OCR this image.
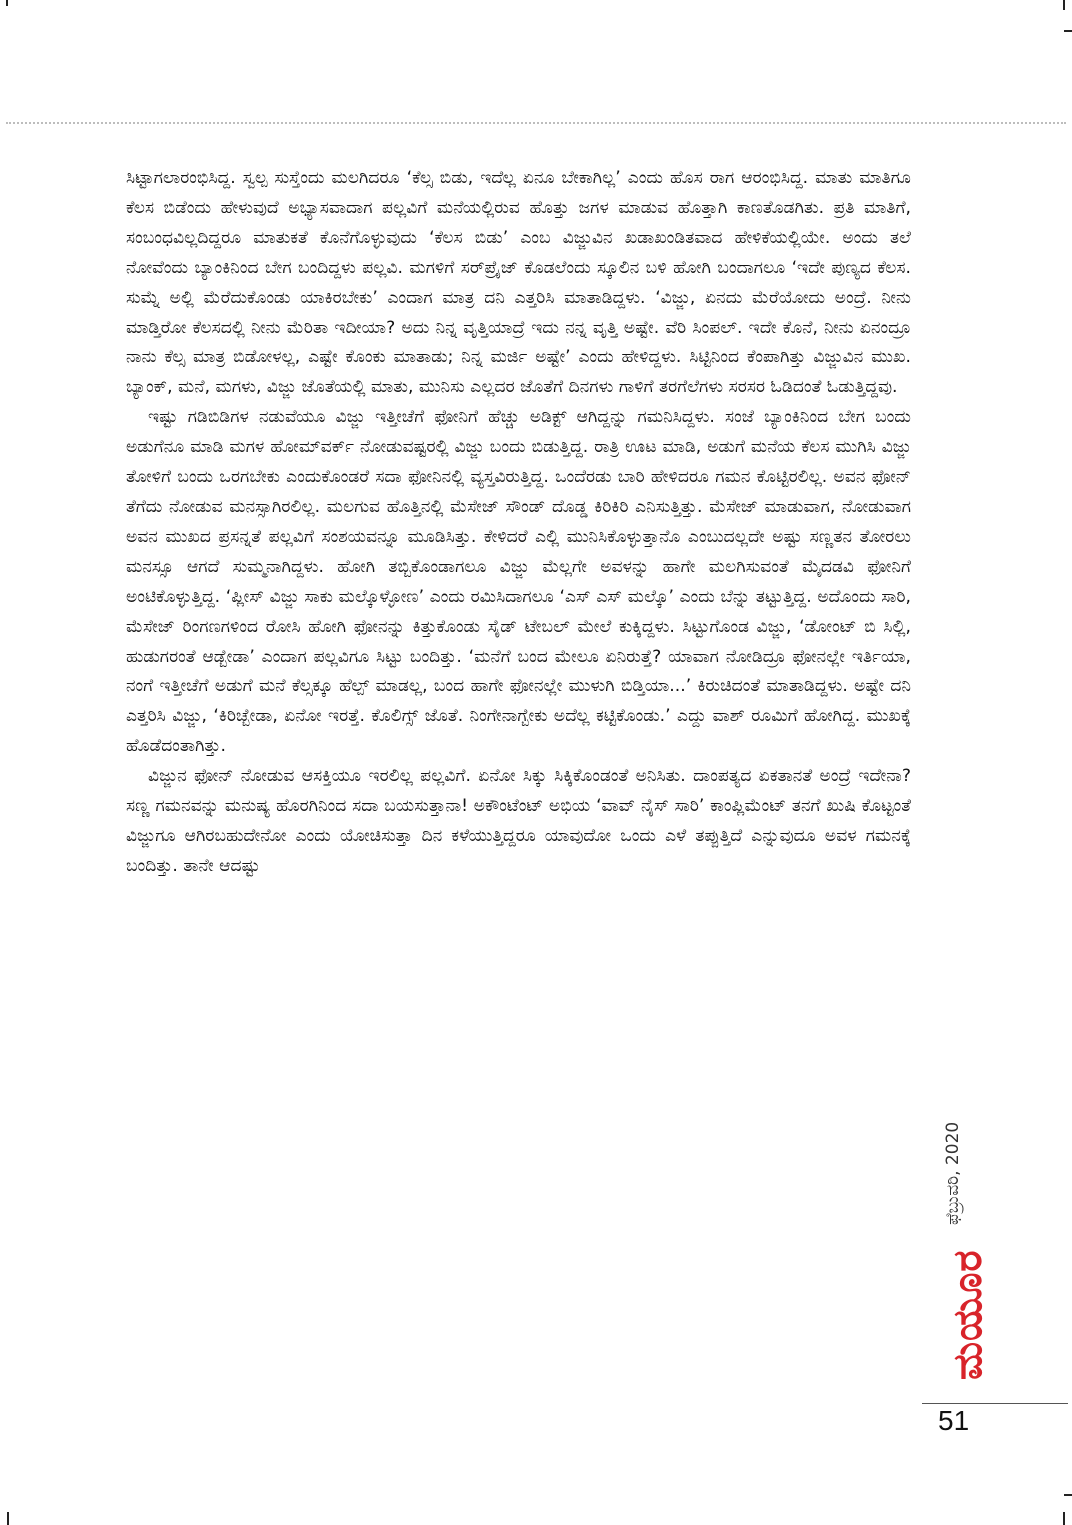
ಸಿಟ್ಟಾಗಲಾರಂಭಿಸಿದ್ದ. ಸ್ವಲ್ಪ ಸುಸ್ತೆಂದು ಮಲಗಿದರೂ ‘ಕೆಲ್ಸ ಬಿಡು, ಇದೆಲ್ಲ ಏನೂ ಬೇಕಾಗಿಲ್ಲ’ ಎಂದು ಹೊಸ ರಾಗ ಆರಂಭಿಸಿದ್ದ. ಮಾತು ಮಾತಿಗೂ ಕೆಲಸ ಬಿಡೆಂದು ಹೇಳುವುದೆ ಅಭ್ಯಾಸವಾದಾಗ ಪಲ್ಲವಿಗೆ ಮನೆಯಲ್ಲಿರುವ ಹೊತ್ತು ಜಗಳ ಮಾಡುವ ಹೊತ್ತಾಗಿ ಕಾಣತೊಡಗಿತು. ಪ್ರತಿ ಮಾತಿಗೆ, ಸಂಬಂಧವಿಲ್ಲದಿದ್ದರೂ ಮಾತುಕತೆ ಕೊನೆಗೊಳ್ಳುವುದು ‘ಕೆಲಸ ಬಿಡು’ ಎಂಬ ವಿಜ್ಜುವಿನ ಖಡಾಖಂಡಿತವಾದ ಹೇಳಿಕೆಯಲ್ಲಿಯೇ. ಅಂದು ತಲೆ ನೋವೆಂದು ಬ್ಯಾಂಕಿನಿಂದ ಬೇಗ ಬಂದಿದ್ದಳು ಪಲ್ಲವಿ. ಮಗಳಿಗೆ ಸರ್‌ಪ್ರೈಜ್ ಕೊಡಲೆಂದು ಸ್ಕೂಲಿನ ಬಳಿ ಹೋಗಿ ಬಂದಾಗಲೂ ‘ಇದೇ ಪುಣ್ಯದ ಕೆಲಸ. ಸುಮ್ನೆ ಅಲ್ಲಿ ಮೆರೆದುಕೊಂಡು ಯಾಕಿರಬೇಕು’ ಎಂದಾಗ ಮಾತ್ರ ದನಿ ಎತ್ತರಿಸಿ ಮಾತಾಡಿದ್ದಳು. ‘ವಿಜ್ಜು, ಏನದು ಮೆರೆಯೋದು ಅಂದ್ರೆ. ನೀನು ಮಾಡ್ತಿರೋ ಕೆಲಸದಲ್ಲಿ ನೀನು ಮೆರಿತಾ ಇದೀಯಾ? ಅದು ನಿನ್ನ ವೃತ್ತಿಯಾದ್ರೆ ಇದು ನನ್ನ ವೃತ್ತಿ ಅಷ್ಟೇ. ವೆರಿ ಸಿಂಪಲ್. ಇದೇ ಕೊನೆ, ನೀನು ಏನಂದ್ರೂ ನಾನು ಕೆಲ್ಸ ಮಾತ್ರ ಬಿಡೋಳಲ್ಲ, ಎಷ್ಟೇ ಕೊಂಕು ಮಾತಾಡು; ನಿನ್ನ ಮರ್ಜಿ ಅಷ್ಟೇ’ ಎಂದು ಹೇಳಿದ್ದಳು. ಸಿಟ್ಟಿನಿಂದ ಕೆಂಪಾಗಿತ್ತು ವಿಜ್ಜುವಿನ ಮುಖ. ಬ್ಯಾಂಕ್, ಮನೆ, ಮಗಳು, ವಿಜ್ಜು ಜೊತೆಯಲ್ಲಿ ಮಾತು, ಮುನಿಸು ಎಲ್ಲದರ ಜೊತೆಗೆ ದಿನಗಳು ಗಾಳಿಗೆ ತರಗೆಲೆಗಳು ಸರಸರ ಓಡಿದಂತೆ ಓಡುತ್ತಿದ್ದವು.

ಇಷ್ಟು ಗಡಿಬಿಡಿಗಳ ನಡುವೆಯೂ ವಿಜ್ಜು ಇತ್ತೀಚೆಗೆ ಫೋನಿಗೆ ಹೆಚ್ಚು ಅಡಿಕ್ಟ್ ಆಗಿದ್ದನ್ನು ಗಮನಿಸಿದ್ದಳು. ಸಂಜೆ ಬ್ಯಾಂಕಿನಿಂದ ಬೇಗ ಬಂದು ಅಡುಗೆನೂ ಮಾಡಿ ಮಗಳ ಹೋಮ್‌ವರ್ಕ್ ನೋಡುವಷ್ಟರಲ್ಲಿ ವಿಜ್ಜು ಬಂದು ಬಿಡುತ್ತಿದ್ದ. ರಾತ್ರಿ ಊಟ ಮಾಡಿ, ಅಡುಗೆ ಮನೆಯ ಕೆಲಸ ಮುಗಿಸಿ ವಿಜ್ಜು ತೋಳಿಗೆ ಬಂದು ಒರಗಬೇಕು ಎಂದುಕೊಂಡರೆ ಸದಾ ಫೋನಿನಲ್ಲಿ ವ್ಯಸ್ತವಿರುತ್ತಿದ್ದ. ಒಂದೆರಡು ಬಾರಿ ಹೇಳಿದರೂ ಗಮನ ಕೊಟ್ಟಿರಲಿಲ್ಲ. ಅವನ ಫೋನ್ ತೆಗೆದು ನೋಡುವ ಮನಸ್ಸಾಗಿರಲಿಲ್ಲ. ಮಲಗುವ ಹೊತ್ತಿನಲ್ಲಿ ಮೆಸೇಜ್ ಸೌಂಡ್ ದೊಡ್ಡ ಕಿರಿಕಿರಿ ಎನಿಸುತ್ತಿತ್ತು. ಮೆಸೇಜ್ ಮಾಡುವಾಗ, ನೋಡುವಾಗ ಅವನ ಮುಖದ ಪ್ರಸನ್ನತೆ ಪಲ್ಲವಿಗೆ ಸಂಶಯವನ್ನೂ ಮೂಡಿಸಿತ್ತು. ಕೇಳಿದರೆ ಎಲ್ಲಿ ಮುನಿಸಿಕೊಳ್ಳುತ್ತಾನೊ ಎಂಬುದಲ್ಲದೇ ಅಷ್ಟು ಸಣ್ಣತನ ತೋರಲು ಮನಸ್ಸೂ ಆಗದೆ ಸುಮ್ಮನಾಗಿದ್ದಳು. ಹೋಗಿ ತಬ್ಬಿಕೊಂಡಾಗಲೂ ವಿಜ್ಜು ಮೆಲ್ಲಗೇ ಅವಳನ್ನು ಹಾಗೇ ಮಲಗಿಸುವಂತೆ ಮೈದಡವಿ ಫೋನಿಗೆ ಅಂಟಿಕೊಳ್ಳುತ್ತಿದ್ದ. ‘ಪ್ಲೀಸ್ ವಿಜ್ಜು ಸಾಕು ಮಲ್ಕೊಳ್ಳೋಣ’ ಎಂದು ರಮಿಸಿದಾಗಲೂ ‘ಎಸ್ ಎಸ್ ಮಲ್ಕೊ’ ಎಂದು ಬೆನ್ನು ತಟ್ಟುತ್ತಿದ್ದ. ಅದೊಂದು ಸಾರಿ, ಮೆಸೇಜ್ ರಿಂಗಣಗಳಿಂದ ರೋಸಿ ಹೋಗಿ ಫೋನನ್ನು ಕಿತ್ತುಕೊಂಡು ಸೈಡ್ ಟೇಬಲ್ ಮೇಲೆ ಕುಕ್ಕಿದ್ದಳು. ಸಿಟ್ಟುಗೊಂಡ ವಿಜ್ಜು, ‘ಡೋಂಟ್ ಬಿ ಸಿಲ್ಲಿ, ಹುಡುಗರಂತೆ ಆಡ್ಬೇಡಾ’ ಎಂದಾಗ ಪಲ್ಲವಿಗೂ ಸಿಟ್ಟು ಬಂದಿತ್ತು. ‘ಮನೆಗೆ ಬಂದ ಮೇಲೂ ಏನಿರುತ್ತೆ? ಯಾವಾಗ ನೋಡಿದ್ರೂ ಫೋನಲ್ಲೇ ಇರ್ತಿಯಾ, ನಂಗೆ ಇತ್ತೀಚೆಗೆ ಅಡುಗೆ ಮನೆ ಕೆಲ್ಸಕ್ಕೂ ಹೆಲ್ಪ್ ಮಾಡಲ್ಲ, ಬಂದ ಹಾಗೇ ಫೋನಲ್ಲೇ ಮುಳುಗಿ ಬಿಡ್ತಿಯಾ...’ ಕಿರುಚಿದಂತೆ ಮಾತಾಡಿದ್ದಳು. ಅಷ್ಟೇ ದನಿ ಎತ್ತರಿಸಿ ವಿಜ್ಜು, ‘ಕಿರಿಚ್ಬೇಡಾ, ಏನೋ ಇರತ್ತೆ. ಕೊಲಿಗ್ಸ್ ಜೊತೆ. ನಿಂಗೇನಾಗ್ಬೇಕು ಅದೆಲ್ಲ ಕಟ್ಟಿಕೊಂಡು.’ ಎದ್ದು ವಾಶ್ ರೂಮಿಗೆ ಹೋಗಿದ್ದ. ಮುಖಕ್ಕೆ ಹೊಡೆದಂತಾಗಿತ್ತು.

ವಿಜ್ಜುನ ಫೋನ್ ನೋಡುವ ಆಸಕ್ತಿಯೂ ಇರಲಿಲ್ಲ ಪಲ್ಲವಿಗೆ. ಏನೋ ಸಿಕ್ಕು ಸಿಕ್ಕಿಕೊಂಡಂತೆ ಅನಿಸಿತು. ದಾಂಪತ್ಯದ ಏಕತಾನತೆ ಅಂದ್ರೆ ಇದೇನಾ? ಸಣ್ಣ ಗಮನವನ್ನು ಮನುಷ್ಯ ಹೊರಗಿನಿಂದ ಸದಾ ಬಯಸುತ್ತಾನಾ! ಅಕೌಂಟೆಂಟ್ ಅಭಿಯ ‘ವಾವ್ ನೈಸ್ ಸಾರಿ’ ಕಾಂಪ್ಲಿಮೆಂಟ್ ತನಗೆ ಖುಷಿ ಕೊಟ್ಟಂತೆ ವಿಜ್ಜುಗೂ ಆಗಿರಬಹುದೇನೋ ಎಂದು ಯೋಚಿಸುತ್ತಾ ದಿನ ಕಳೆಯುತ್ತಿದ್ದರೂ ಯಾವುದೋ ಒಂದು ಎಳೆ ತಪ್ಪುತ್ತಿದೆ ಎನ್ನುವುದೂ ಅವಳ ಗಮನಕ್ಕೆ ಬಂದಿತ್ತು. ತಾನೇ ಆದಷ್ಟು

ಫೆಬ್ರುವರಿ, 2020
ಮಯೂರ
51
